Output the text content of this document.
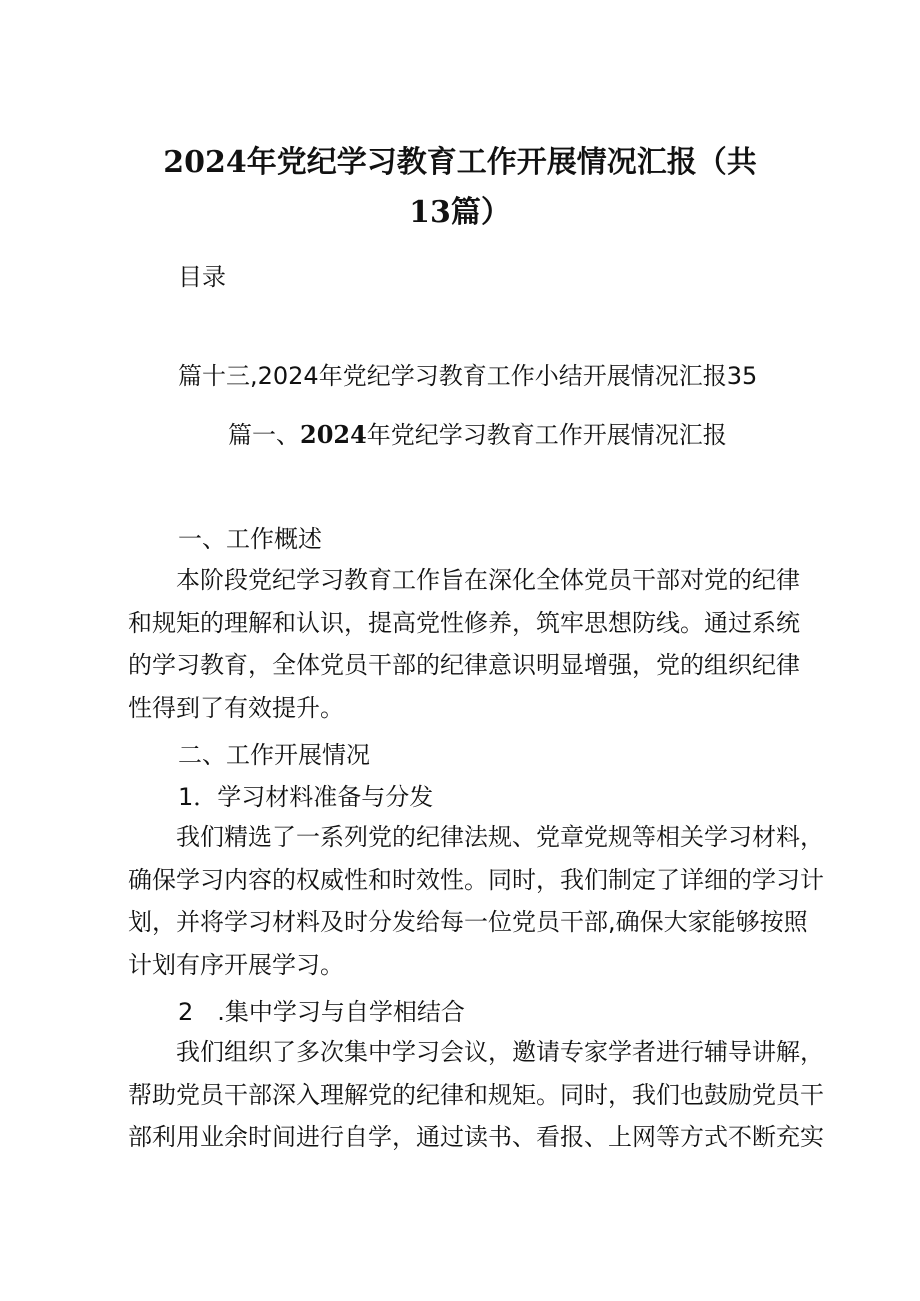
2024年党纪学习教育工作开展情况汇报（共
13篇）

目录

篇十三,2024年党纪学习教育工作小结开展情况汇报35

篇一、2024年党纪学习教育工作开展情况汇报

一、工作概述

本阶段党纪学习教育工作旨在深化全体党员干部对党的纪律
和规矩的理解和认识，提高党性修养，筑牢思想防线。通过系统
的学习教育，全体党员干部的纪律意识明显增强，党的组织纪律
性得到了有效提升。

二、工作开展情况

1．学习材料准备与分发

我们精选了一系列党的纪律法规、党章党规等相关学习材料，
确保学习内容的权威性和时效性。同时，我们制定了详细的学习计
划，并将学习材料及时分发给每一位党员干部,确保大家能够按照
计划有序开展学习。

2　.集中学习与自学相结合

我们组织了多次集中学习会议，邀请专家学者进行辅导讲解，
帮助党员干部深入理解党的纪律和规矩。同时，我们也鼓励党员干
部利用业余时间进行自学，通过读书、看报、上网等方式不断充实
